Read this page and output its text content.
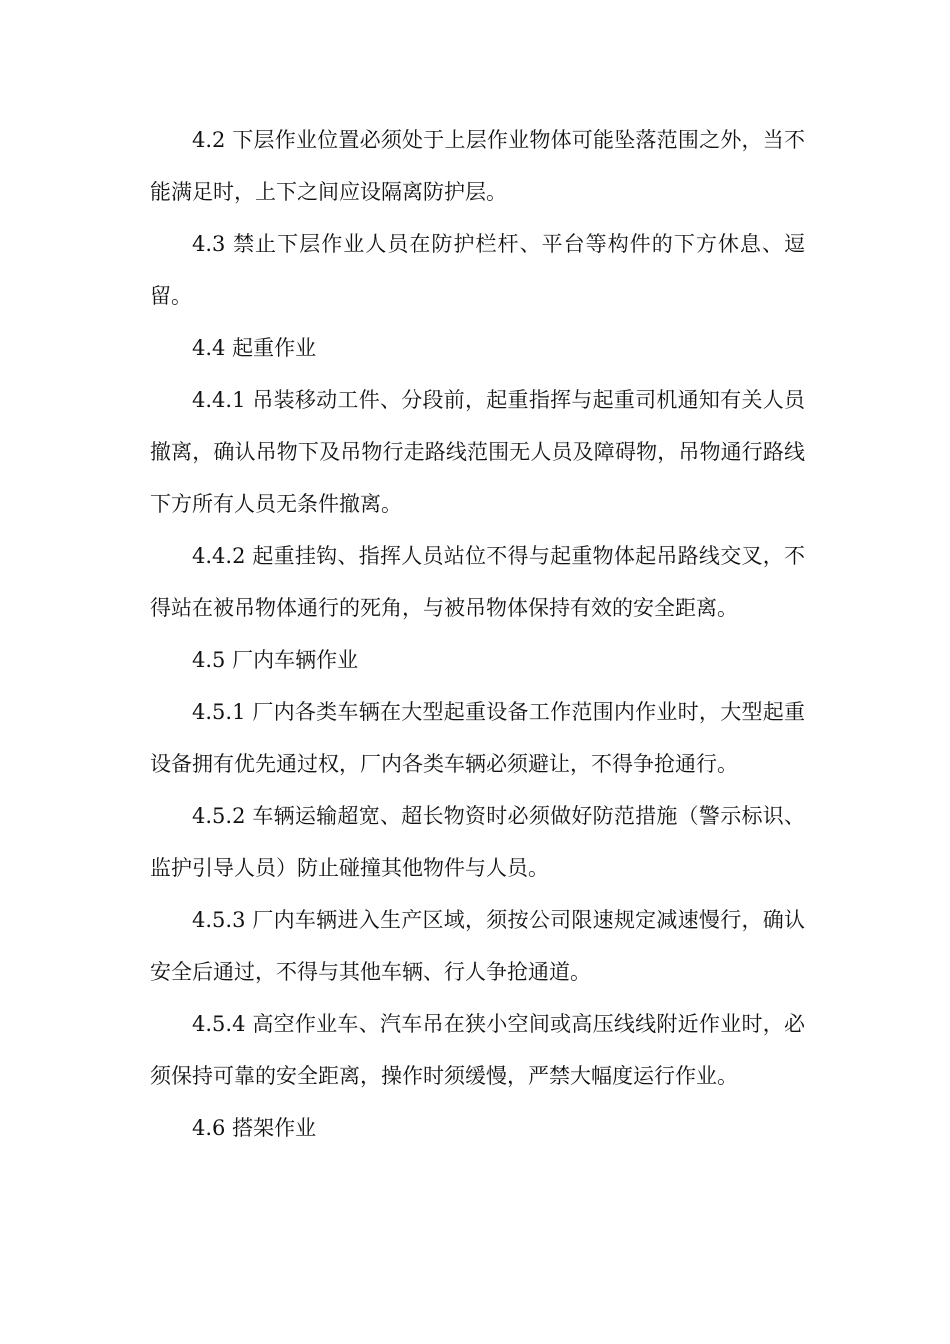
4.2 下层作业位置必须处于上层作业物体可能坠落范围之外，当不能满足时，上下之间应设隔离防护层。

4.3 禁止下层作业人员在防护栏杆、平台等构件的下方休息、逗留。

4.4 起重作业

4.4.1 吊装移动工件、分段前，起重指挥与起重司机通知有关人员撤离，确认吊物下及吊物行走路线范围无人员及障碍物，吊物通行路线下方所有人员无条件撤离。

4.4.2 起重挂钩、指挥人员站位不得与起重物体起吊路线交叉，不得站在被吊物体通行的死角，与被吊物体保持有效的安全距离。

4.5 厂内车辆作业

4.5.1 厂内各类车辆在大型起重设备工作范围内作业时，大型起重设备拥有优先通过权，厂内各类车辆必须避让，不得争抢通行。

4.5.2 车辆运输超宽、超长物资时必须做好防范措施（警示标识、监护引导人员）防止碰撞其他物件与人员。

4.5.3 厂内车辆进入生产区域，须按公司限速规定减速慢行，确认安全后通过，不得与其他车辆、行人争抢通道。

4.5.4 高空作业车、汽车吊在狭小空间或高压线线附近作业时，必须保持可靠的安全距离，操作时须缓慢，严禁大幅度运行作业。

4.6 搭架作业
